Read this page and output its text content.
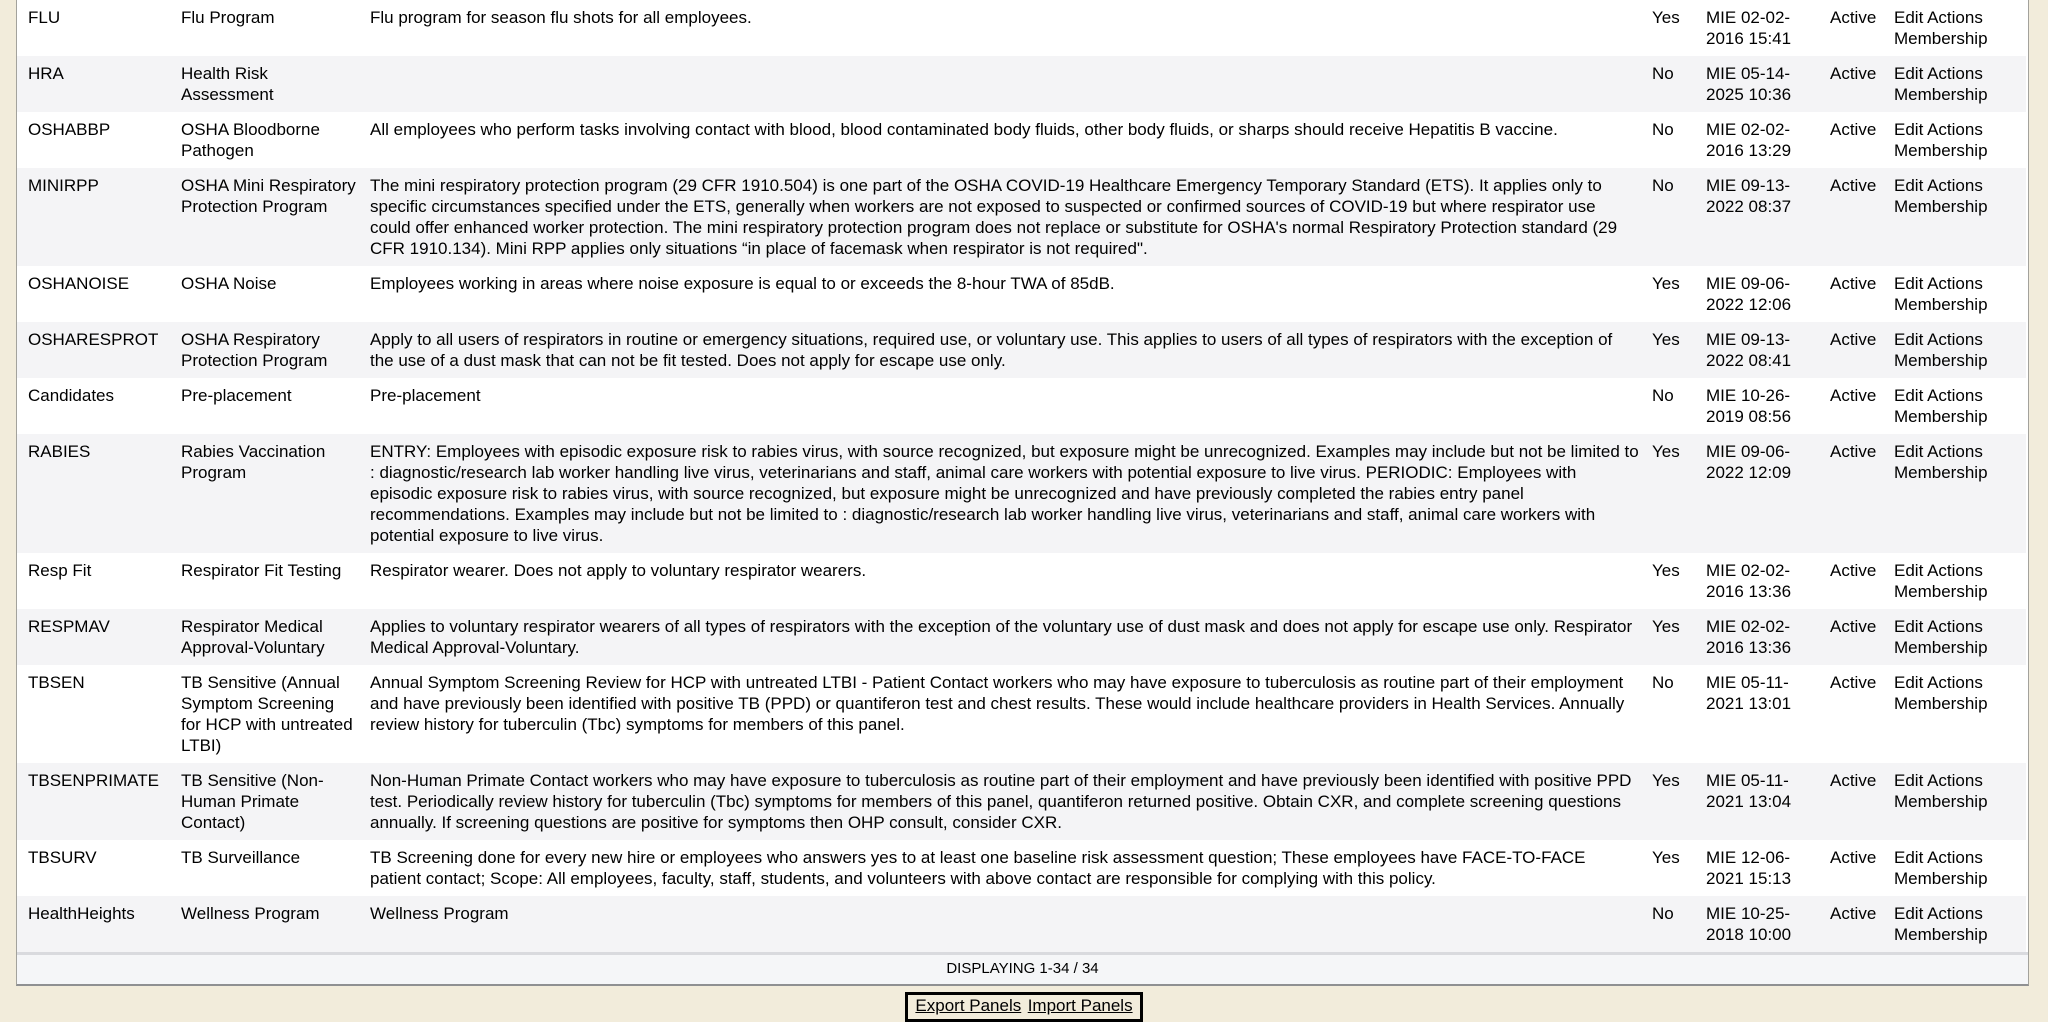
FLU	Flu Program	Flu program for season flu shots for all employees.	Yes	MIE 02-02-2016 15:41	Active	Edit Actions Membership
HRA	Health Risk Assessment		No	MIE 05-14-2025 10:36	Active	Edit Actions Membership
OSHABBP	OSHA Bloodborne Pathogen	All employees who perform tasks involving contact with blood, blood contaminated body fluids, other body fluids, or sharps should receive Hepatitis B vaccine.	No	MIE 02-02-2016 13:29	Active	Edit Actions Membership
MINIRPP	OSHA Mini Respiratory Protection Program	The mini respiratory protection program (29 CFR 1910.504) is one part of the OSHA COVID-19 Healthcare Emergency Temporary Standard (ETS). It applies only to specific circumstances specified under the ETS, generally when workers are not exposed to suspected or confirmed sources of COVID-19 but where respirator use could offer enhanced worker protection. The mini respiratory protection program does not replace or substitute for OSHA's normal Respiratory Protection standard (29 CFR 1910.134). Mini RPP applies only situations “in place of facemask when respirator is not required".	No	MIE 09-13-2022 08:37	Active	Edit Actions Membership
OSHANOISE	OSHA Noise	Employees working in areas where noise exposure is equal to or exceeds the 8-hour TWA of 85dB.	Yes	MIE 09-06-2022 12:06	Active	Edit Actions Membership
OSHARESPROT	OSHA Respiratory Protection Program	Apply to all users of respirators in routine or emergency situations, required use, or voluntary use. This applies to users of all types of respirators with the exception of the use of a dust mask that can not be fit tested. Does not apply for escape use only.	Yes	MIE 09-13-2022 08:41	Active	Edit Actions Membership
Candidates	Pre-placement	Pre-placement	No	MIE 10-26-2019 08:56	Active	Edit Actions Membership
RABIES	Rabies Vaccination Program	ENTRY: Employees with episodic exposure risk to rabies virus, with source recognized, but exposure might be unrecognized. Examples may include but not be limited to : diagnostic/research lab worker handling live virus, veterinarians and staff, animal care workers with potential exposure to live virus. PERIODIC: Employees with episodic exposure risk to rabies virus, with source recognized, but exposure might be unrecognized and have previously completed the rabies entry panel recommendations. Examples may include but not be limited to : diagnostic/research lab worker handling live virus, veterinarians and staff, animal care workers with potential exposure to live virus.	Yes	MIE 09-06-2022 12:09	Active	Edit Actions Membership
Resp Fit	Respirator Fit Testing	Respirator wearer. Does not apply to voluntary respirator wearers.	Yes	MIE 02-02-2016 13:36	Active	Edit Actions Membership
RESPMAV	Respirator Medical Approval-Voluntary	Applies to voluntary respirator wearers of all types of respirators with the exception of the voluntary use of dust mask and does not apply for escape use only. Respirator Medical Approval-Voluntary.	Yes	MIE 02-02-2016 13:36	Active	Edit Actions Membership
TBSEN	TB Sensitive (Annual Symptom Screening for HCP with untreated LTBI)	Annual Symptom Screening Review for HCP with untreated LTBI - Patient Contact workers who may have exposure to tuberculosis as routine part of their employment and have previously been identified with positive TB (PPD) or quantiferon test and chest results. These would include healthcare providers in Health Services. Annually review history for tuberculin (Tbc) symptoms for members of this panel.	No	MIE 05-11-2021 13:01	Active	Edit Actions Membership
TBSENPRIMATE	TB Sensitive (Non-Human Primate Contact)	Non-Human Primate Contact workers who may have exposure to tuberculosis as routine part of their employment and have previously been identified with positive PPD test. Periodically review history for tuberculin (Tbc) symptoms for members of this panel, quantiferon returned positive. Obtain CXR, and complete screening questions annually. If screening questions are positive for symptoms then OHP consult, consider CXR.	Yes	MIE 05-11-2021 13:04	Active	Edit Actions Membership
TBSURV	TB Surveillance	TB Screening done for every new hire or employees who answers yes to at least one baseline risk assessment question; These employees have FACE-TO-FACE patient contact; Scope: All employees, faculty, staff, students, and volunteers with above contact are responsible for complying with this policy.	Yes	MIE 12-06-2021 15:13	Active	Edit Actions Membership
HealthHeights	Wellness Program	Wellness Program	No	MIE 10-25-2018 10:00	Active	Edit Actions Membership
DISPLAYING 1-34 / 34
Export Panels Import Panels
